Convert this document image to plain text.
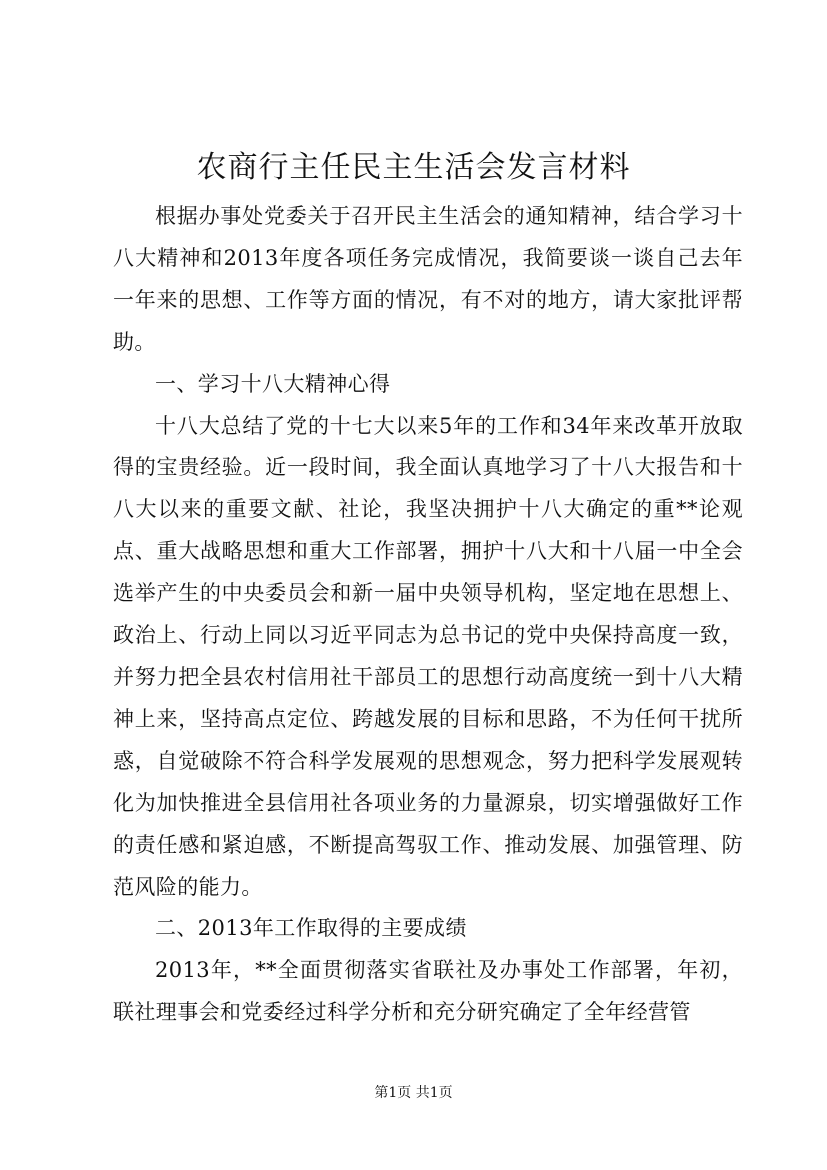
农商行主任民主生活会发言材料

根据办事处党委关于召开民主生活会的通知精神，结合学习十八大精神和2013年度各项任务完成情况，我简要谈一谈自己去年一年来的思想、工作等方面的情况，有不对的地方，请大家批评帮助。

一、学习十八大精神心得

十八大总结了党的十七大以来5年的工作和34年来改革开放取得的宝贵经验。近一段时间，我全面认真地学习了十八大报告和十八大以来的重要文献、社论，我坚决拥护十八大确定的重**论观点、重大战略思想和重大工作部署，拥护十八大和十八届一中全会选举产生的中央委员会和新一届中央领导机构，坚定地在思想上、政治上、行动上同以习近平同志为总书记的党中央保持高度一致，并努力把全县农村信用社干部员工的思想行动高度统一到十八大精神上来，坚持高点定位、跨越发展的目标和思路，不为任何干扰所惑，自觉破除不符合科学发展观的思想观念，努力把科学发展观转化为加快推进全县信用社各项业务的力量源泉，切实增强做好工作的责任感和紧迫感，不断提高驾驭工作、推动发展、加强管理、防范风险的能力。

二、2013年工作取得的主要成绩

2013年，**全面贯彻落实省联社及办事处工作部署，年初，联社理事会和党委经过科学分析和充分研究确定了全年经营管

第1页 共1页
